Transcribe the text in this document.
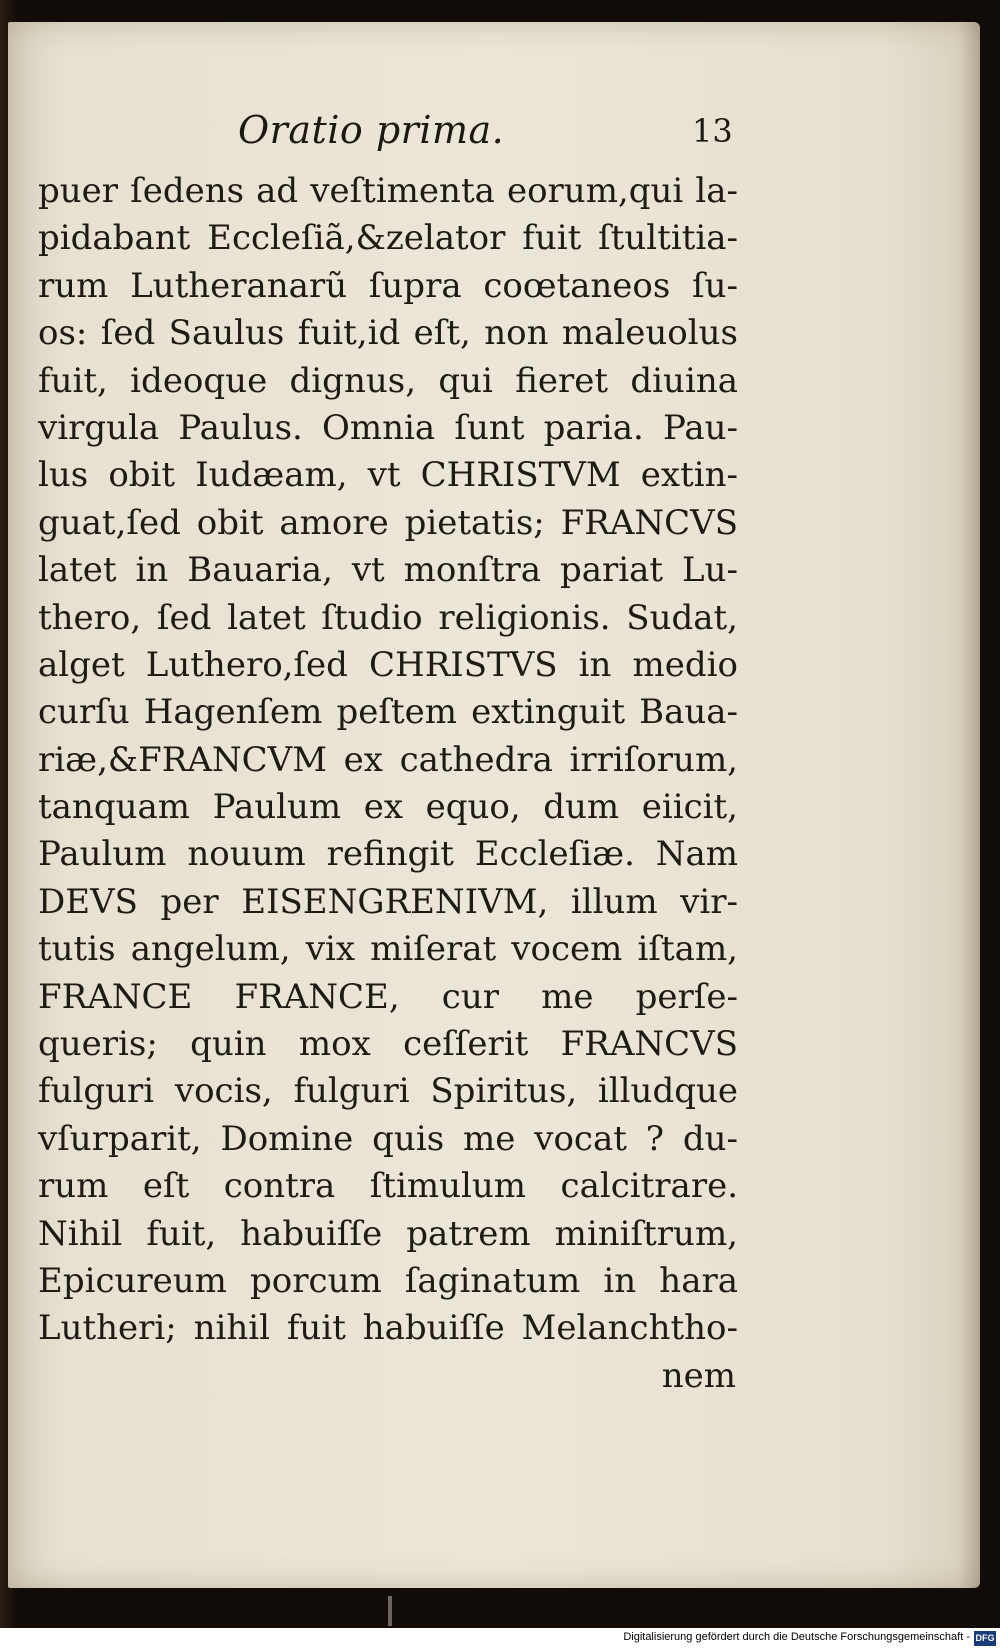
Oratio prima.	13
puer ſedens ad veſtimenta eorum,qui la-
pidabant Eccleſiã,&zelator fuit ſtultitia-
rum Lutheranarũ ſupra coœtaneos ſu-
os: ſed Saulus fuit,id eſt, non maleuolus
fuit, ideoque dignus, qui fieret diuina
virgula Paulus. Omnia ſunt paria. Pau-
lus obit Iudæam, vt CHRISTVM extin-
guat,ſed obit amore pietatis; FRANCVS
latet in Bauaria, vt monſtra pariat Lu-
thero, ſed latet ſtudio religionis. Sudat,
alget Luthero,ſed CHRISTVS in medio
curſu Hagenſem peſtem extinguit Baua-
riæ,&FRANCVM ex cathedra irriſorum,
tanquam Paulum ex equo, dum eiicit,
Paulum nouum refingit Eccleſiæ. Nam
DEVS per EISENGRENIVM, illum vir-
tutis angelum, vix miſerat vocem iſtam,
FRANCE FRANCE, cur me perſe-
queris; quin mox ceſſerit FRANCVS
fulguri vocis, fulguri Spiritus, illudque
vſurparit, Domine quis me vocat ? du-
rum eſt contra ſtimulum calcitrare.
Nihil fuit, habuiſſe patrem miniſtrum,
Epicureum porcum ſaginatum in hara
Lutheri; nihil fuit habuiſſe Melanchtho-
nem
Digitalisierung gefördert durch die Deutsche Forschungsgemeinschaft - DFG
